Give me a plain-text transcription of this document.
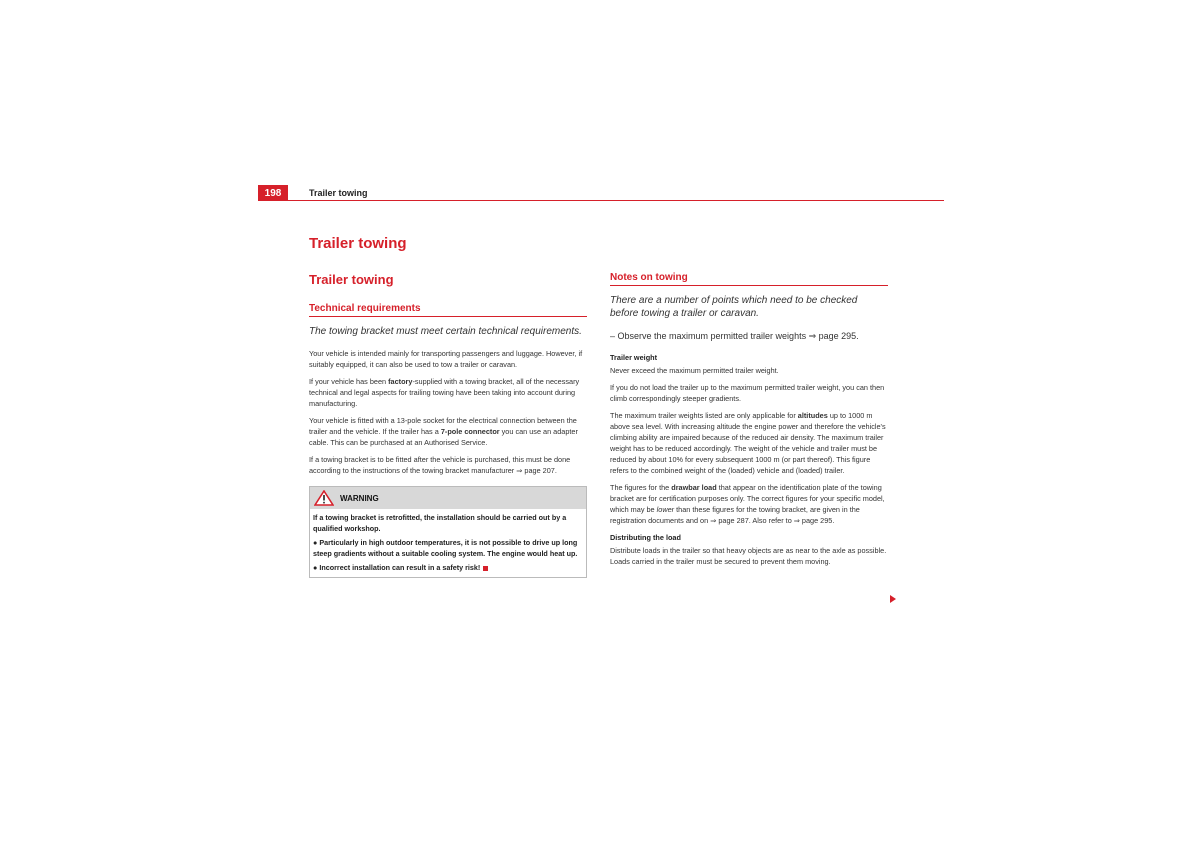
198	Trailer towing
Trailer towing
Trailer towing
Technical requirements

The towing bracket must meet certain technical requirements.

Your vehicle is intended mainly for transporting passengers and luggage. However, if suitably equipped, it can also be used to tow a trailer or caravan.

If your vehicle has been factory-supplied with a towing bracket, all of the necessary technical and legal aspects for trailing towing have been taking into account during manufacturing.

Your vehicle is fitted with a 13-pole socket for the electrical connection between the trailer and the vehicle. If the trailer has a 7-pole connector you can use an adapter cable. This can be purchased at an Authorised Service.

If a towing bracket is to be fitted after the vehicle is purchased, this must be done according to the instructions of the towing bracket manufacturer ⇒ page 207.

WARNING

If a towing bracket is retrofitted, the installation should be carried out by a qualified workshop.

● Particularly in high outdoor temperatures, it is not possible to drive up long steep gradients without a suitable cooling system. The engine would heat up.

● Incorrect installation can result in a safety risk!

Notes on towing

There are a number of points which need to be checked before towing a trailer or caravan.

– Observe the maximum permitted trailer weights ⇒ page 295.

Trailer weight

Never exceed the maximum permitted trailer weight.

If you do not load the trailer up to the maximum permitted trailer weight, you can then climb correspondingly steeper gradients.

The maximum trailer weights listed are only applicable for altitudes up to 1000 m above sea level. With increasing altitude the engine power and therefore the vehicle's climbing ability are impaired because of the reduced air density. The maximum trailer weight has to be reduced accordingly. The weight of the vehicle and trailer must be reduced by about 10% for every subsequent 1000 m (or part thereof). This figure refers to the combined weight of the (loaded) vehicle and (loaded) trailer.

The figures for the drawbar load that appear on the identification plate of the towing bracket are for certification purposes only. The correct figures for your specific model, which may be lower than these figures for the towing bracket, are given in the registration documents and on ⇒ page 287. Also refer to ⇒ page 295.

Distributing the load

Distribute loads in the trailer so that heavy objects are as near to the axle as possible. Loads carried in the trailer must be secured to prevent them moving.
